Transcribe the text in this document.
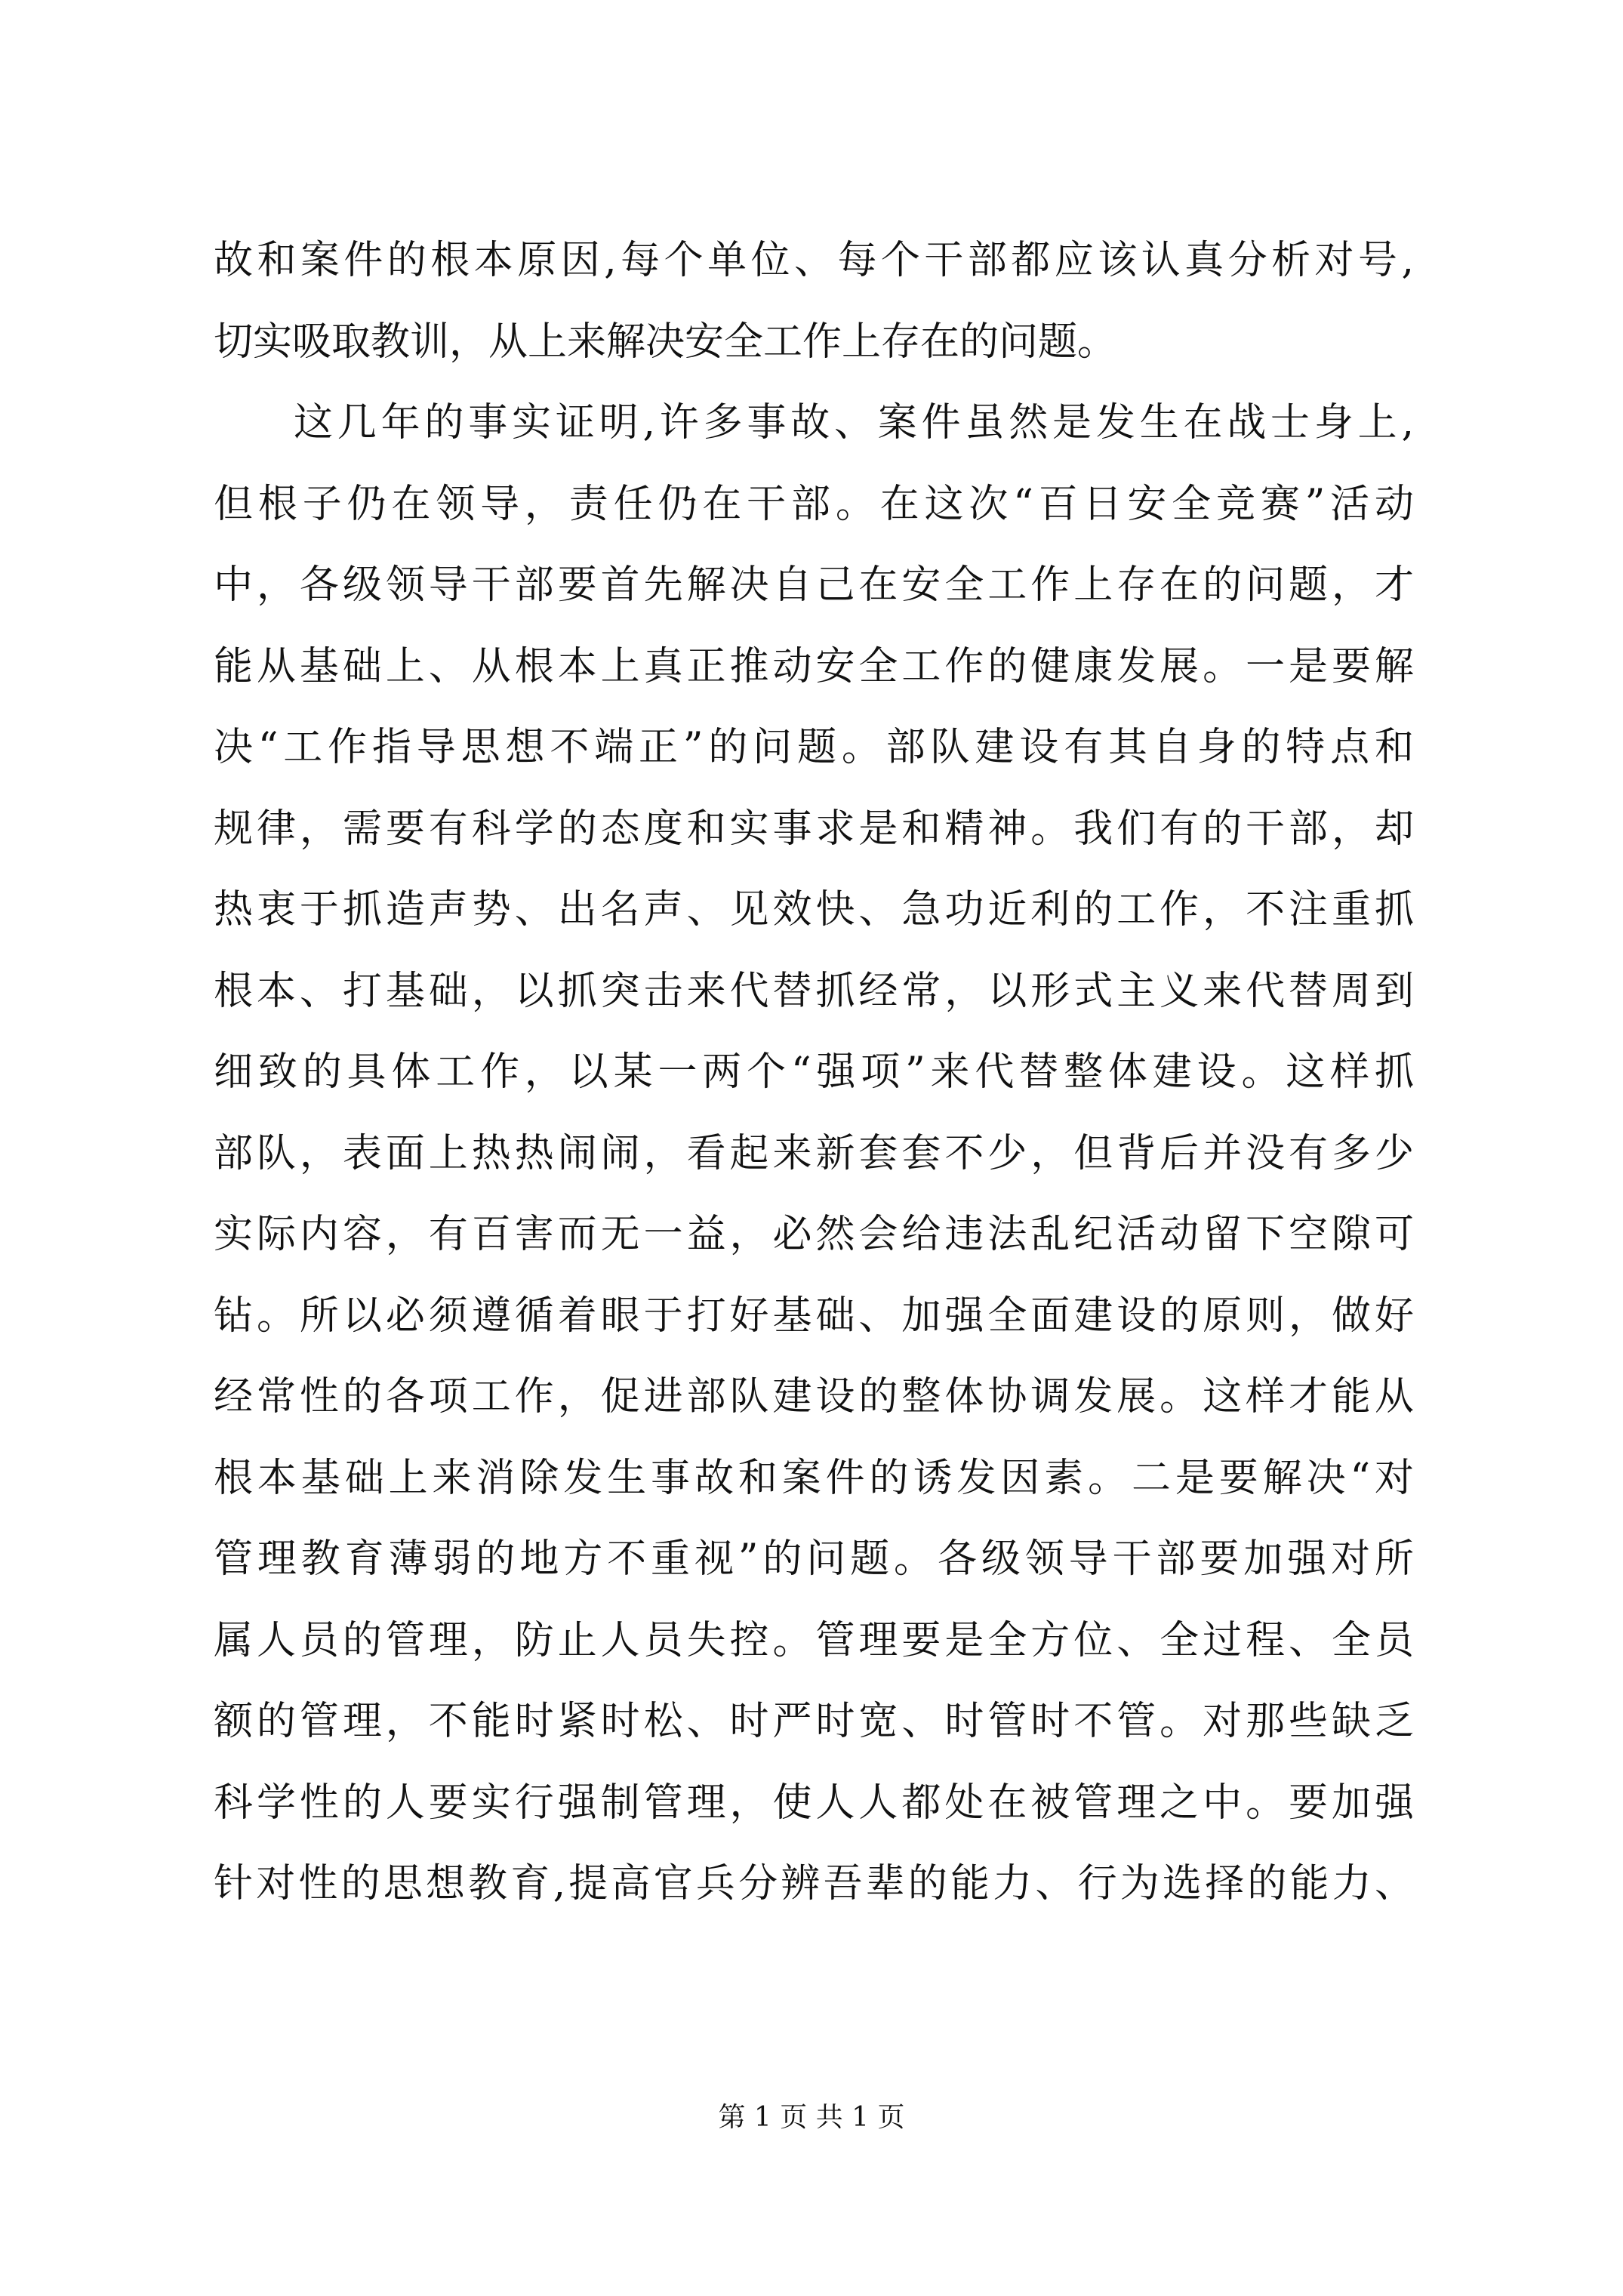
故和案件的根本原因,每个单位、每个干部都应该认真分析对号,
切实吸取教训，从上来解决安全工作上存在的问题。
这几年的事实证明,许多事故、案件虽然是发生在战士身上,
但根子仍在领导，责任仍在干部。在这次“百日安全竞赛”活动
中，各级领导干部要首先解决自己在安全工作上存在的问题，才
能从基础上、从根本上真正推动安全工作的健康发展。一是要解
决“工作指导思想不端正”的问题。部队建设有其自身的特点和
规律，需要有科学的态度和实事求是和精神。我们有的干部，却
热衷于抓造声势、出名声、见效快、急功近利的工作，不注重抓
根本、打基础，以抓突击来代替抓经常，以形式主义来代替周到
细致的具体工作，以某一两个“强项”来代替整体建设。这样抓
部队，表面上热热闹闹，看起来新套套不少，但背后并没有多少
实际内容，有百害而无一益，必然会给违法乱纪活动留下空隙可
钻。所以必须遵循着眼于打好基础、加强全面建设的原则，做好
经常性的各项工作，促进部队建设的整体协调发展。这样才能从
根本基础上来消除发生事故和案件的诱发因素。二是要解决“对
管理教育薄弱的地方不重视”的问题。各级领导干部要加强对所
属人员的管理，防止人员失控。管理要是全方位、全过程、全员
额的管理，不能时紧时松、时严时宽、时管时不管。对那些缺乏
科学性的人要实行强制管理，使人人都处在被管理之中。要加强
针对性的思想教育,提高官兵分辨吾辈的能力、行为选择的能力、
第 1 页 共 1 页
